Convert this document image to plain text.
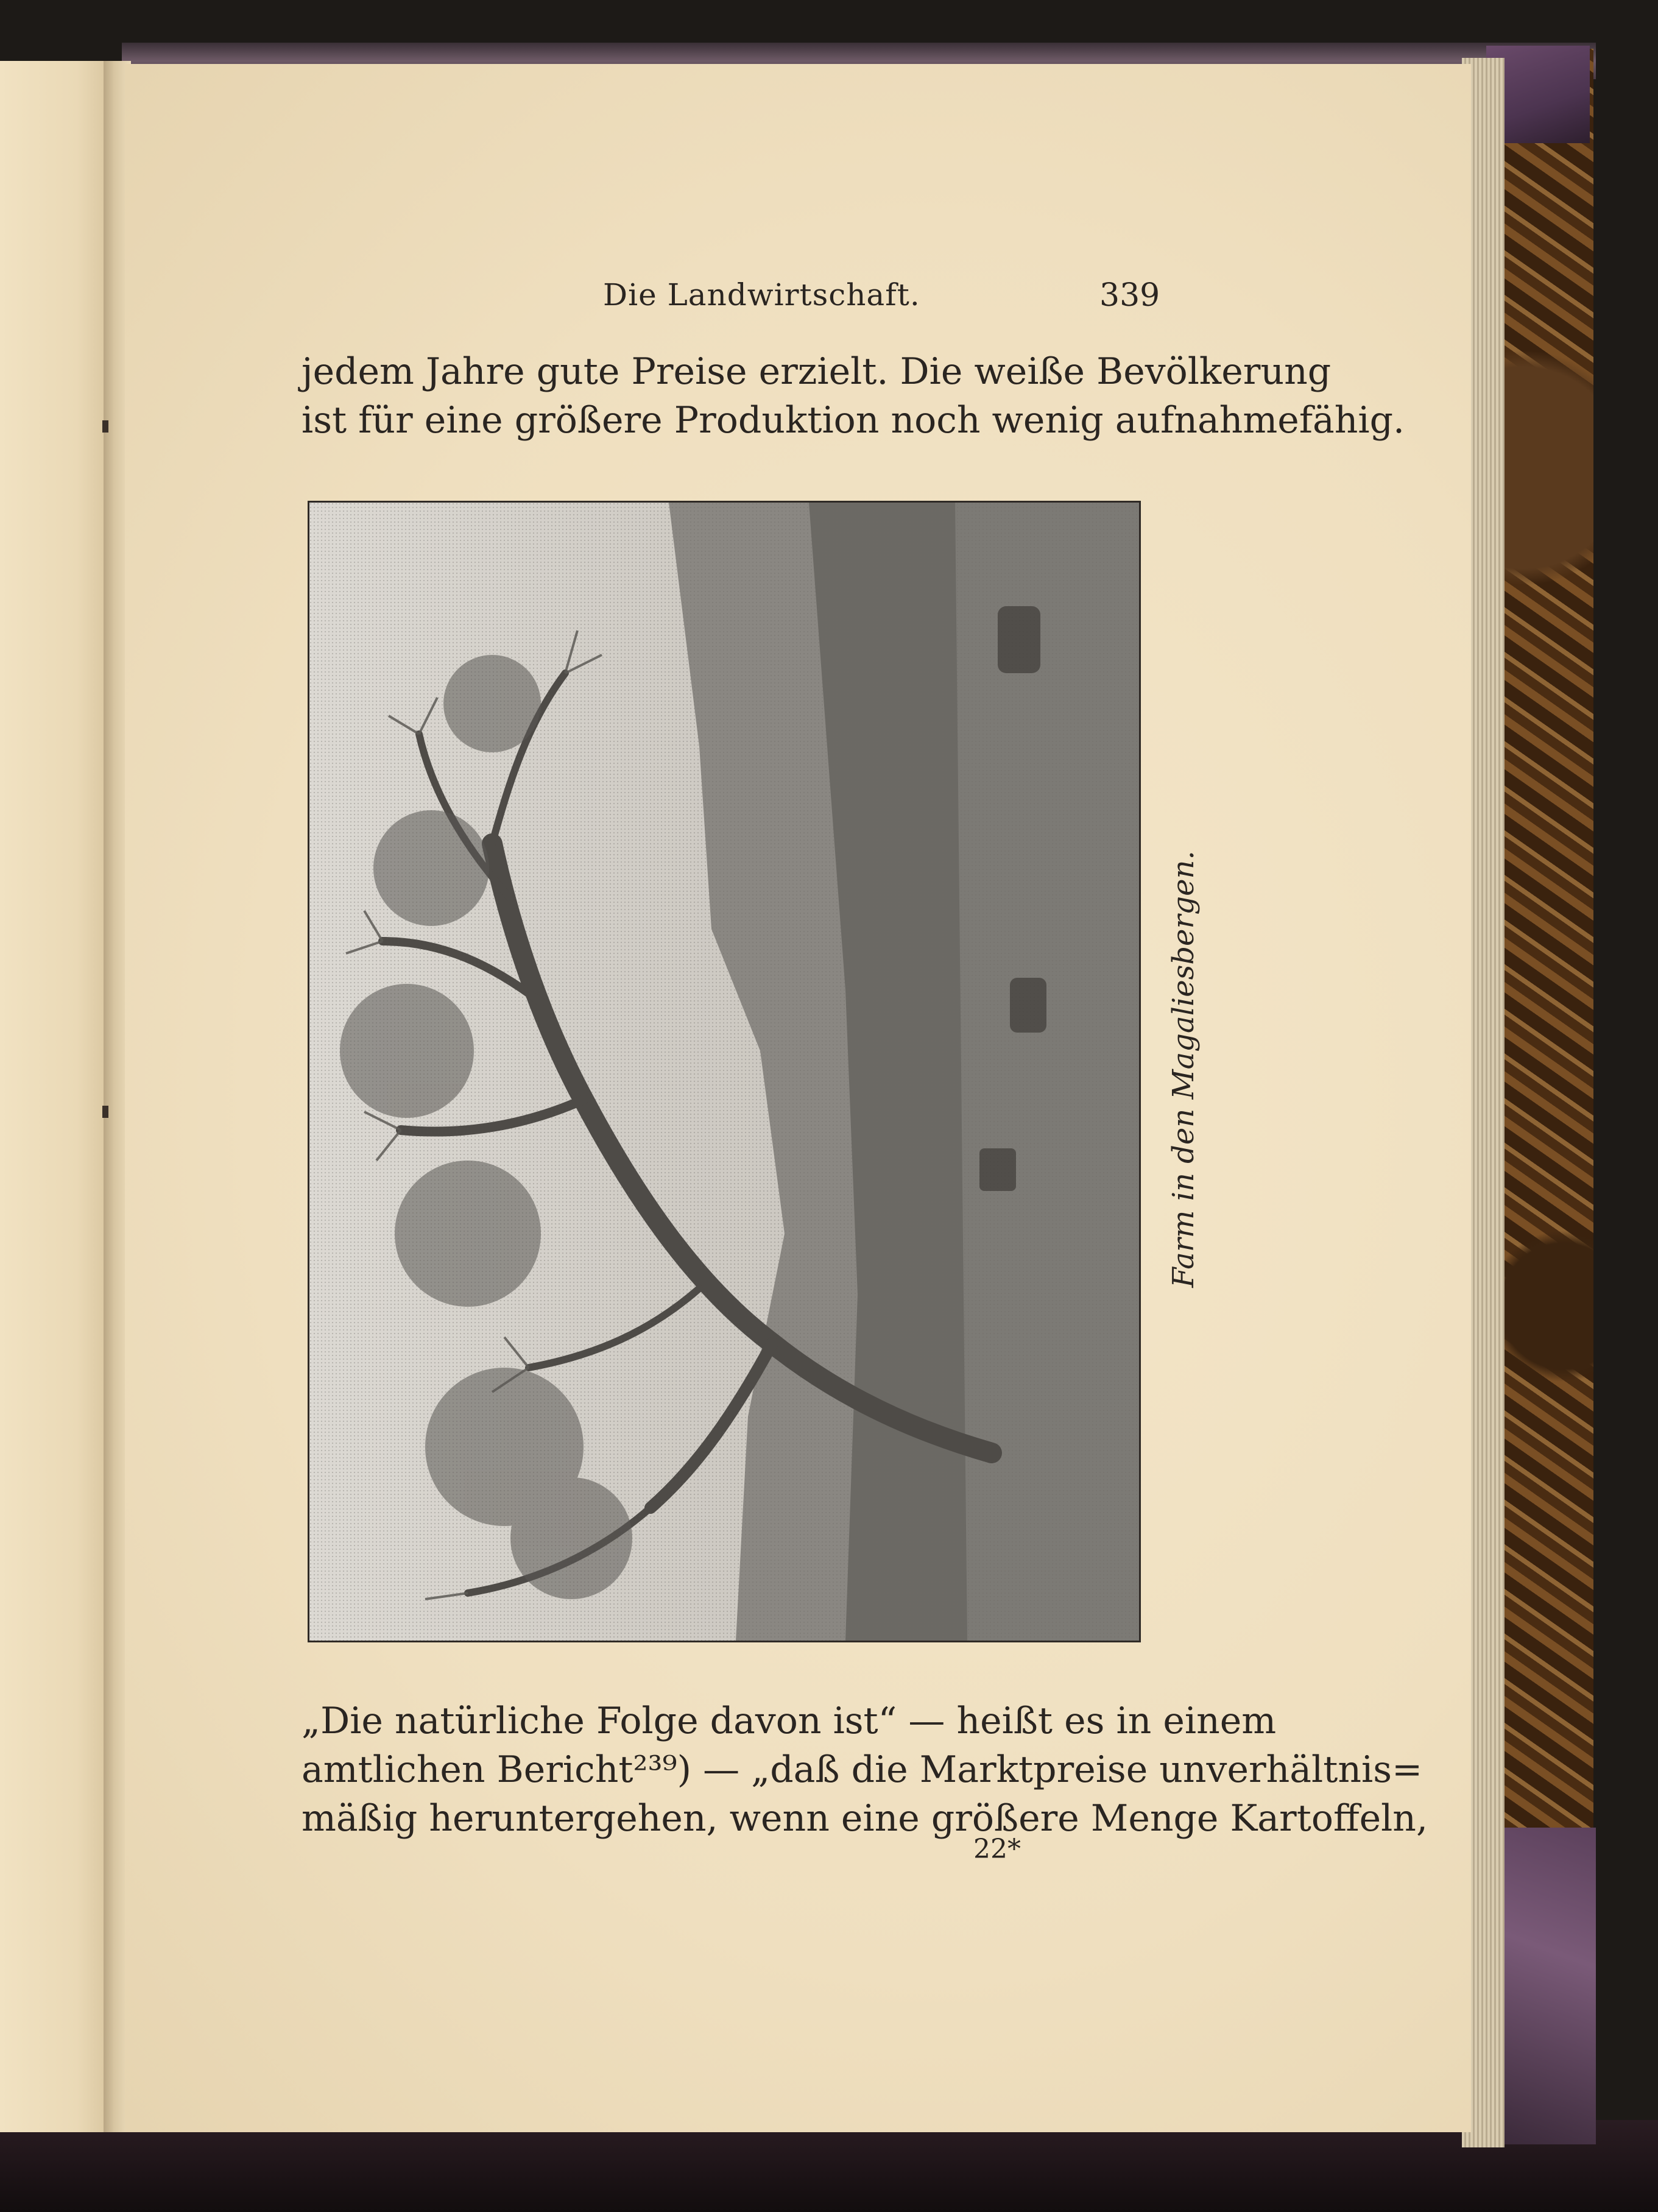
Die Landwirtschaft.	339
jedem Jahre gute Preise erzielt. Die weiße Bevölkerung
ist für eine größere Produktion noch wenig aufnahmefähig.
Farm in den Magaliesbergen.
„Die natürliche Folge davon ist“ — heißt es in einem
amtlichen Bericht²³⁹) — „daß die Marktpreise unverhältnis=
mäßig heruntergehen, wenn eine größere Menge Kartoffeln,
22*
